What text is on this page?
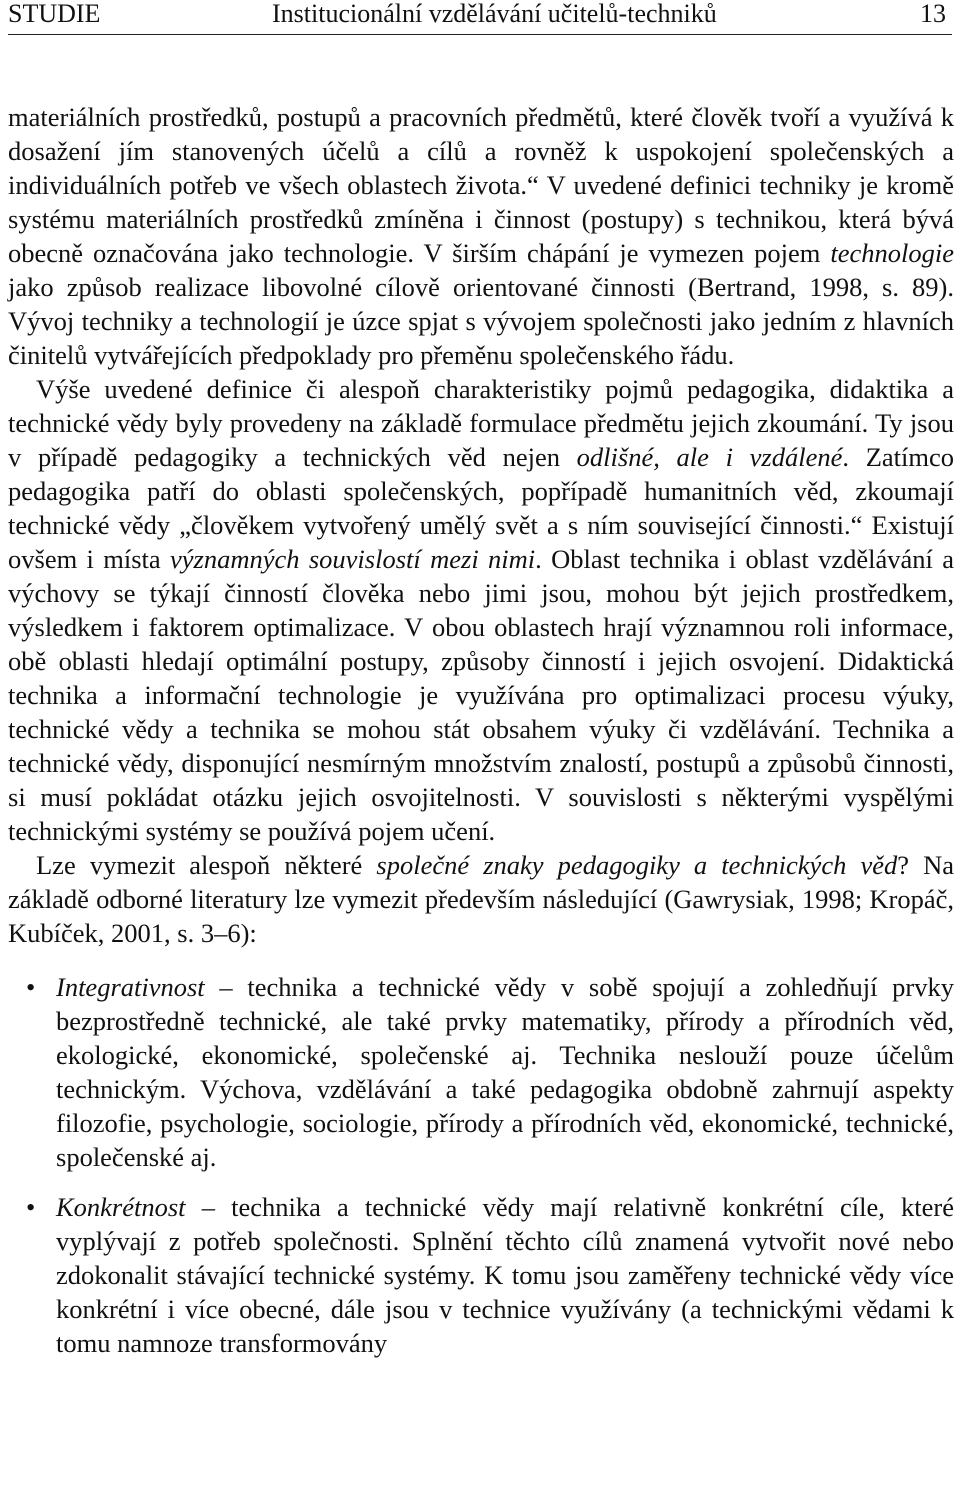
STUDIE	Institucionální vzdělávání učitelů-techniků	13

materiálních prostředků, postupů a pracovních předmětů, které člověk tvoří a využívá k dosažení jím stanovených účelů a cílů a rovněž k uspokojení společenských a individuálních potřeb ve všech oblastech života.“ V uvedené definici techniky je kromě systému materiálních prostředků zmíněna i činnost (postupy) s technikou, která bývá obecně označována jako technologie. V širším chápání je vymezen pojem technologie jako způsob realizace libovolné cílově orientované činnosti (Bertrand, 1998, s. 89). Vývoj techniky a technologií je úzce spjat s vývojem společnosti jako jedním z hlavních činitelů vytvářejících předpoklady pro přeměnu společenského řádu.

Výše uvedené definice či alespoň charakteristiky pojmů pedagogika, didaktika a technické vědy byly provedeny na základě formulace předmětu jejich zkoumání. Ty jsou v případě pedagogiky a technických věd nejen odlišné, ale i vzdálené. Zatímco pedagogika patří do oblasti společenských, popřípadě humanitních věd, zkoumají technické vědy „člověkem vytvořený umělý svět a s ním související činnosti.“ Existují ovšem i místa významných souvislostí mezi nimi. Oblast technika i oblast vzdělávání a výchovy se týkají činností člověka nebo jimi jsou, mohou být jejich prostředkem, výsledkem i faktorem optimalizace. V obou oblastech hrají významnou roli informace, obě oblasti hledají optimální postupy, způsoby činností i jejich osvojení. Didaktická technika a informační technologie je využívána pro optimalizaci procesu výuky, technické vědy a technika se mohou stát obsahem výuky či vzdělávání. Technika a technické vědy, disponující nesmírným množstvím znalostí, postupů a způsobů činnosti, si musí pokládat otázku jejich osvojitelnosti. V souvislosti s některými vyspělými technickými systémy se používá pojem učení.

Lze vymezit alespoň některé společné znaky pedagogiky a technických věd? Na základě odborné literatury lze vymezit především následující (Gawrysiak, 1998; Kropáč, Kubíček, 2001, s. 3–6):

• Integrativnost – technika a technické vědy v sobě spojují a zohledňují prvky bezprostředně technické, ale také prvky matematiky, přírody a přírodních věd, ekologické, ekonomické, společenské aj. Technika neslouží pouze účelům technickým. Výchova, vzdělávání a také pedagogika obdobně zahrnují aspekty filozofie, psychologie, sociologie, přírody a přírodních věd, ekonomické, technické, společenské aj.
• Konkrétnost – technika a technické vědy mají relativně konkrétní cíle, které vyplývají z potřeb společnosti. Splnění těchto cílů znamená vytvořit nové nebo zdokonalit stávající technické systémy. K tomu jsou zaměřeny technické vědy více konkrétní i více obecné, dále jsou v technice využívány (a technickými vědami k tomu namnoze transformovány
